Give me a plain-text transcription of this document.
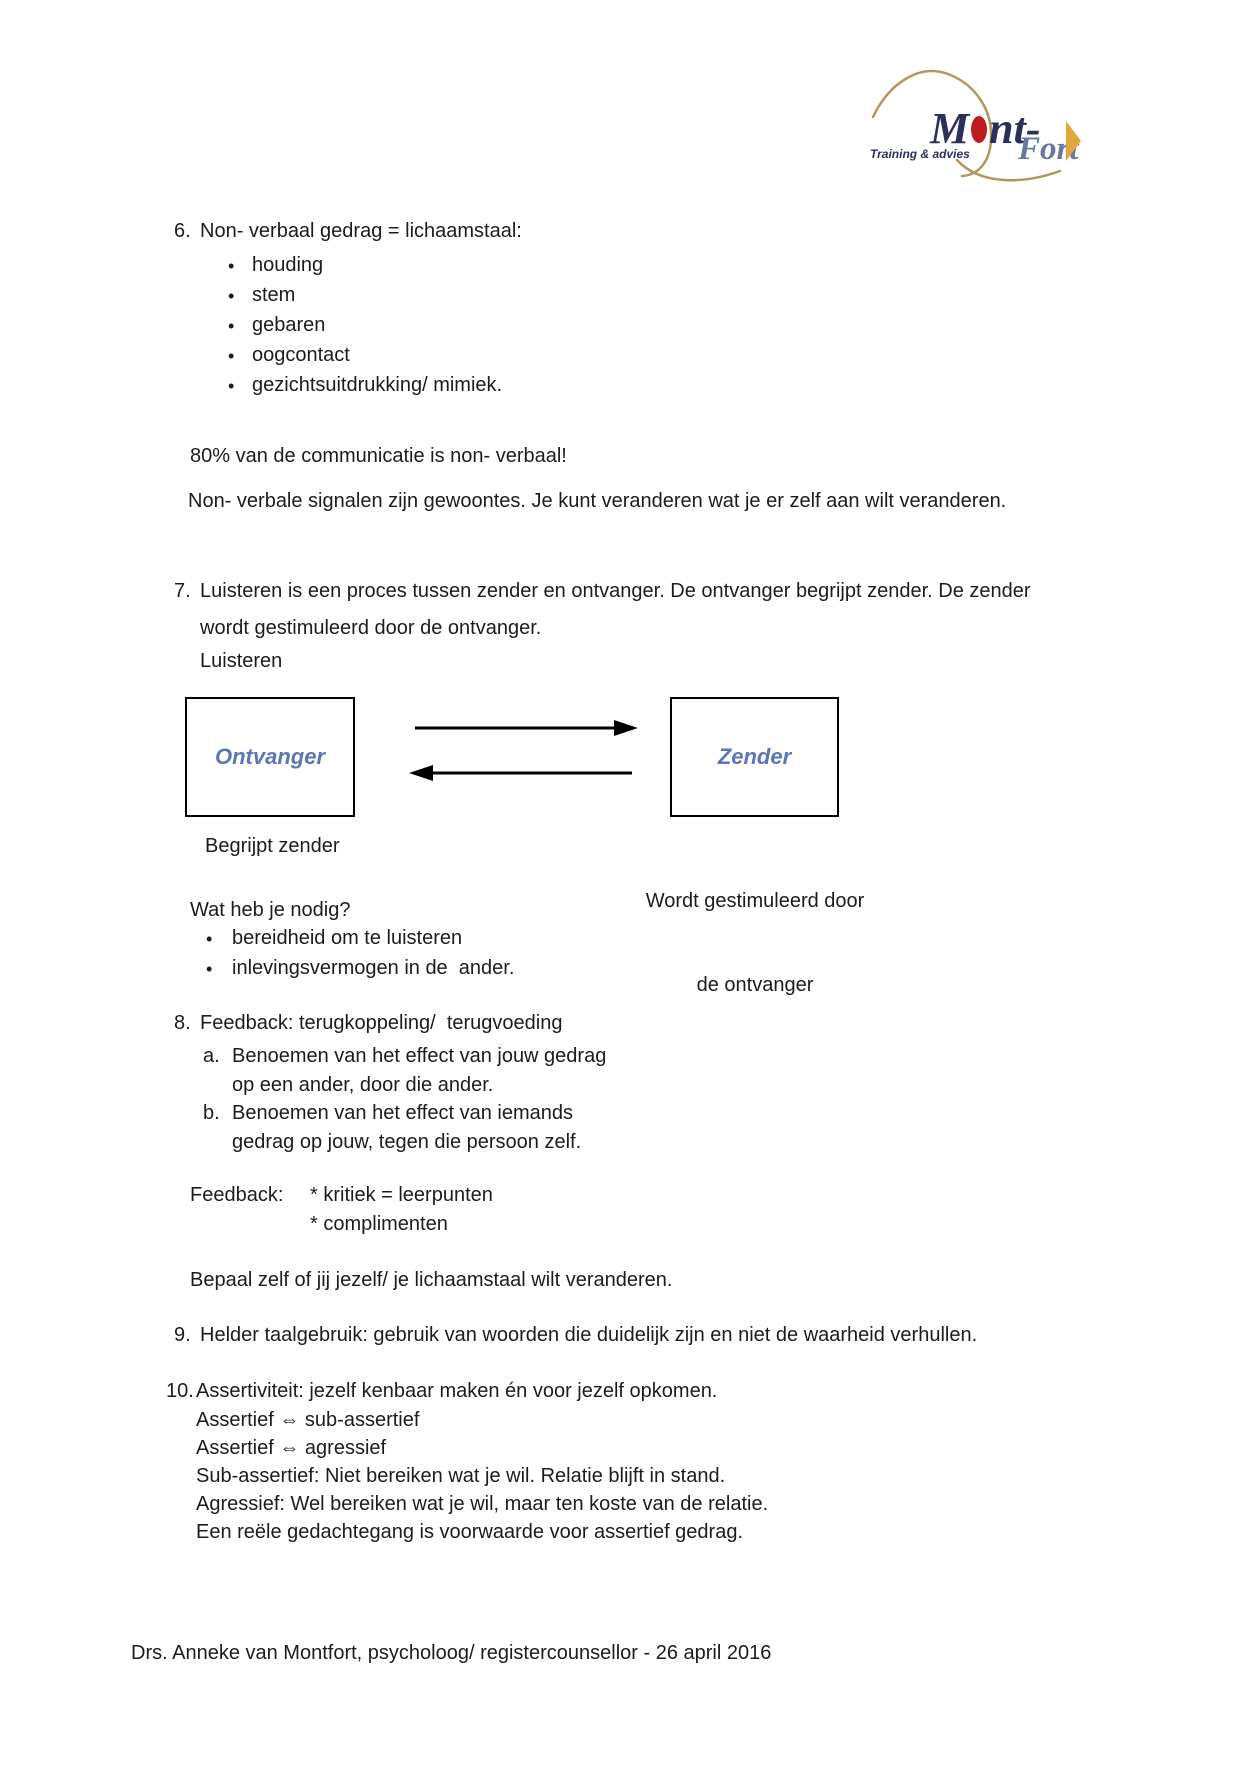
M nt-
Fort
Training & advies
6. Non- verbaal gedrag = lichaamstaal:
• houding
• stem
• gebaren
• oogcontact
• gezichtsuitdrukking/ mimiek.
80% van de communicatie is non- verbaal!
Non- verbale signalen zijn gewoontes. Je kunt veranderen wat je er zelf aan wilt veranderen.
7. Luisteren is een proces tussen zender en ontvanger. De ontvanger begrijpt zender. De zender
wordt gestimuleerd door de ontvanger.
Luisteren
Ontvanger	Zender
Begrijpt zender

Wordt gestimuleerd door

de ontvanger

Wat heb je nodig?
• bereidheid om te luisteren
• inlevingsvermogen in de  ander.
8. Feedback: terugkoppeling/  terugvoeding
a. Benoemen van het effect van jouw gedrag
op een ander, door die ander.
b. Benoemen van het effect van iemands
gedrag op jouw, tegen die persoon zelf.
Feedback: * kritiek = leerpunten
* complimenten
Bepaal zelf of jij jezelf/ je lichaamstaal wilt veranderen.
9. Helder taalgebruik: gebruik van woorden die duidelijk zijn en niet de waarheid verhullen.
10. Assertiviteit: jezelf kenbaar maken én voor jezelf opkomen.
Assertief ⇔ sub-assertief
Assertief ⇔ agressief
Sub-assertief: Niet bereiken wat je wil. Relatie blijft in stand.
Agressief: Wel bereiken wat je wil, maar ten koste van de relatie.
Een reële gedachtegang is voorwaarde voor assertief gedrag.
Drs. Anneke van Montfort, psycholoog/ registercounsellor - 26 april 2016
